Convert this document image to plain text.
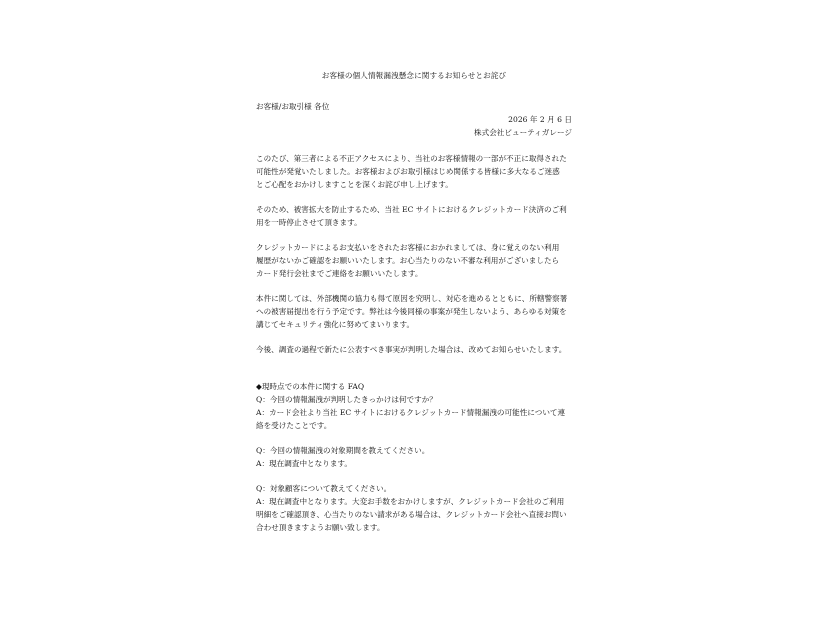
お客様の個人情報漏洩懸念に関するお知らせとお詫び
お客様/お取引様 各位
2026 年 2 月 6 日
株式会社ビューティガレージ
このたび、第三者による不正アクセスにより、当社のお客様情報の一部が不正に取得された
可能性が発覚いたしました。お客様およびお取引様はじめ関係する皆様に多大なるご迷惑
とご心配をおかけしますことを深くお詫び申し上げます。
そのため、被害拡大を防止するため、当社 EC サイトにおけるクレジットカード決済のご利
用を一時停止させて頂きます。
クレジットカードによるお支払いをされたお客様におかれましては、身に覚えのない利用
履歴がないかご確認をお願いいたします。お心当たりのない不審な利用がございましたら
カード発行会社までご連絡をお願いいたします。
本件に関しては、外部機関の協力も得て原因を究明し、対応を進めるとともに、所轄警察署
への被害届提出を行う予定です。弊社は今後同様の事案が発生しないよう、あらゆる対策を
講じてセキュリティ強化に努めてまいります。
今後、調査の過程で新たに公表すべき事実が判明した場合は、改めてお知らせいたします。
◆現時点での本件に関する FAQ
Q：今回の情報漏洩が判明したきっかけは何ですか？
A：カード会社より当社 EC サイトにおけるクレジットカード情報漏洩の可能性について連
絡を受けたことです。
Q：今回の情報漏洩の対象期間を教えてください。
A：現在調査中となります。
Q：対象顧客について教えてください。
A：現在調査中となります。大変お手数をおかけしますが、クレジットカード会社のご利用
明細をご確認頂き、心当たりのない請求がある場合は、クレジットカード会社へ直接お問い
合わせ頂きますようお願い致します。
